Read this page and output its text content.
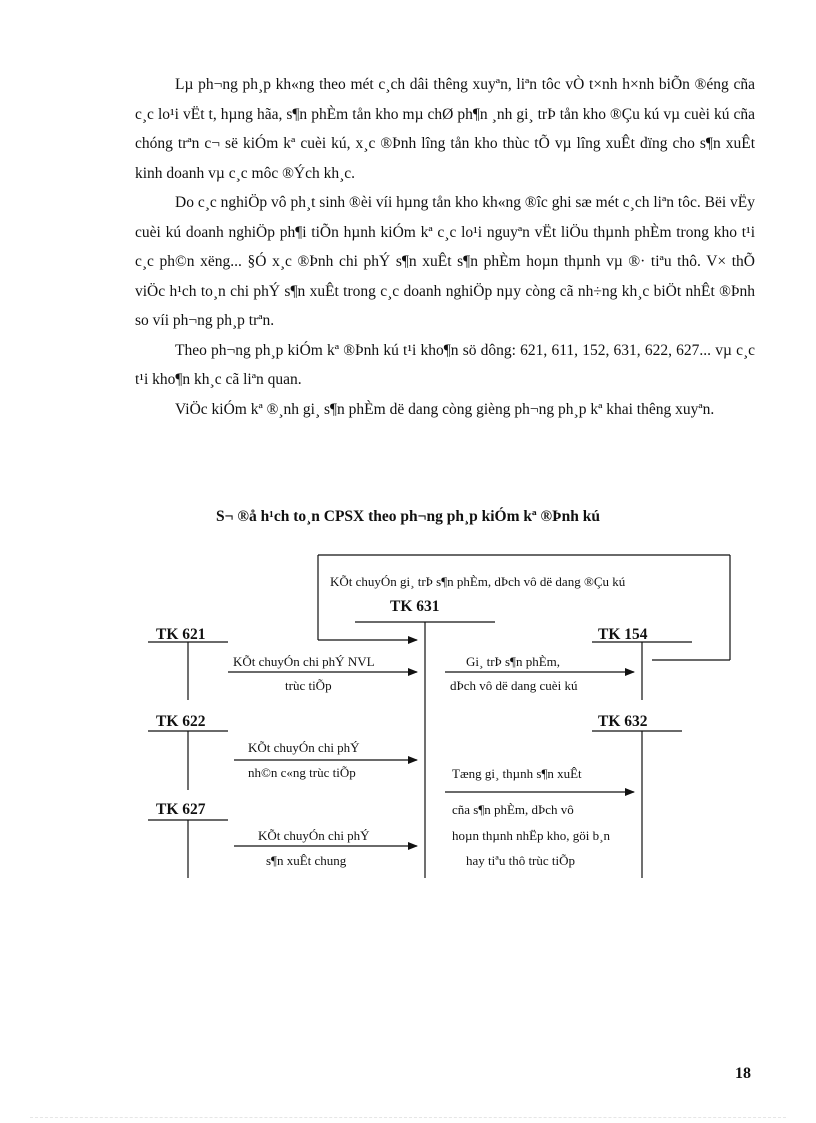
Lµ ph¬ng ph¸p kh«ng theo mét c¸ch dâi thêng xuyªn, liªn tôc vÒ t×nh h×nh biÕn ®éng cña c¸c lo¹i vËt t, hµng hãa, s¶n phÈm tån kho mµ chØ ph¶n ¸nh gi¸ trÞ tån kho ®Çu kú vµ cuèi kú cña chóng trªn c¬ së kiÓm kª cuèi kú, x¸c ®Þnh lîng tån kho thùc tÕ vµ lîng xuÊt dïng cho s¶n xuÊt kinh doanh vµ c¸c môc ®Ých kh¸c.

Do c¸c nghiÖp vô ph¸t sinh ®èi víi hµng tån kho kh«ng ®îc ghi sæ mét c¸ch liªn tôc. Bëi vËy cuèi kú doanh nghiÖp ph¶i tiÕn hµnh kiÓm kª c¸c lo¹i nguyªn vËt liÖu thµnh phÈm trong kho t¹i c¸c ph©n xëng... §Ó x¸c ®Þnh chi phÝ s¶n xuÊt s¶n phÈm hoµn thµnh vµ ®· tiªu thô. V× thÕ viÖc h¹ch to¸n chi phÝ s¶n xuÊt trong c¸c doanh nghiÖp nµy còng cã nh÷ng kh¸c biÖt nhÊt ®Þnh so víi ph¬ng ph¸p trªn.

Theo ph¬ng ph¸p kiÓm kª ®Þnh kú t¹i kho¶n sö dông: 621, 611, 152, 631, 622, 627... vµ c¸c t¹i kho¶n kh¸c cã liªn quan.

ViÖc kiÓm kª ®¸nh gi¸ s¶n phÈm dë dang còng gièng ph¬ng ph¸p kª khai thêng xuyªn.

S¬ ®å h¹ch to¸n CPSX theo ph¬ng ph¸p kiÓm kª ®Þnh kú
TK 631
TK 621
TK 622
TK 627
TK 154
TK 632
KÕt chuyÓn gi¸ trÞ s¶n phÈm, dÞch vô dë dang ®Çu kú
KÕt chuyÓn chi phÝ NVL
trùc tiÕp
KÕt chuyÓn chi phÝ
nh©n c«ng trùc tiÕp
KÕt chuyÓn chi phÝ
s¶n xuÊt chung
Gi¸ trÞ s¶n phÈm,
dÞch vô dë dang cuèi kú
Tæng gi¸ thµnh s¶n xuÊt
cña s¶n phÈm, dÞch vô
hoµn thµnh nhËp kho, göi b¸n
hay tiªu thô trùc tiÕp
18
